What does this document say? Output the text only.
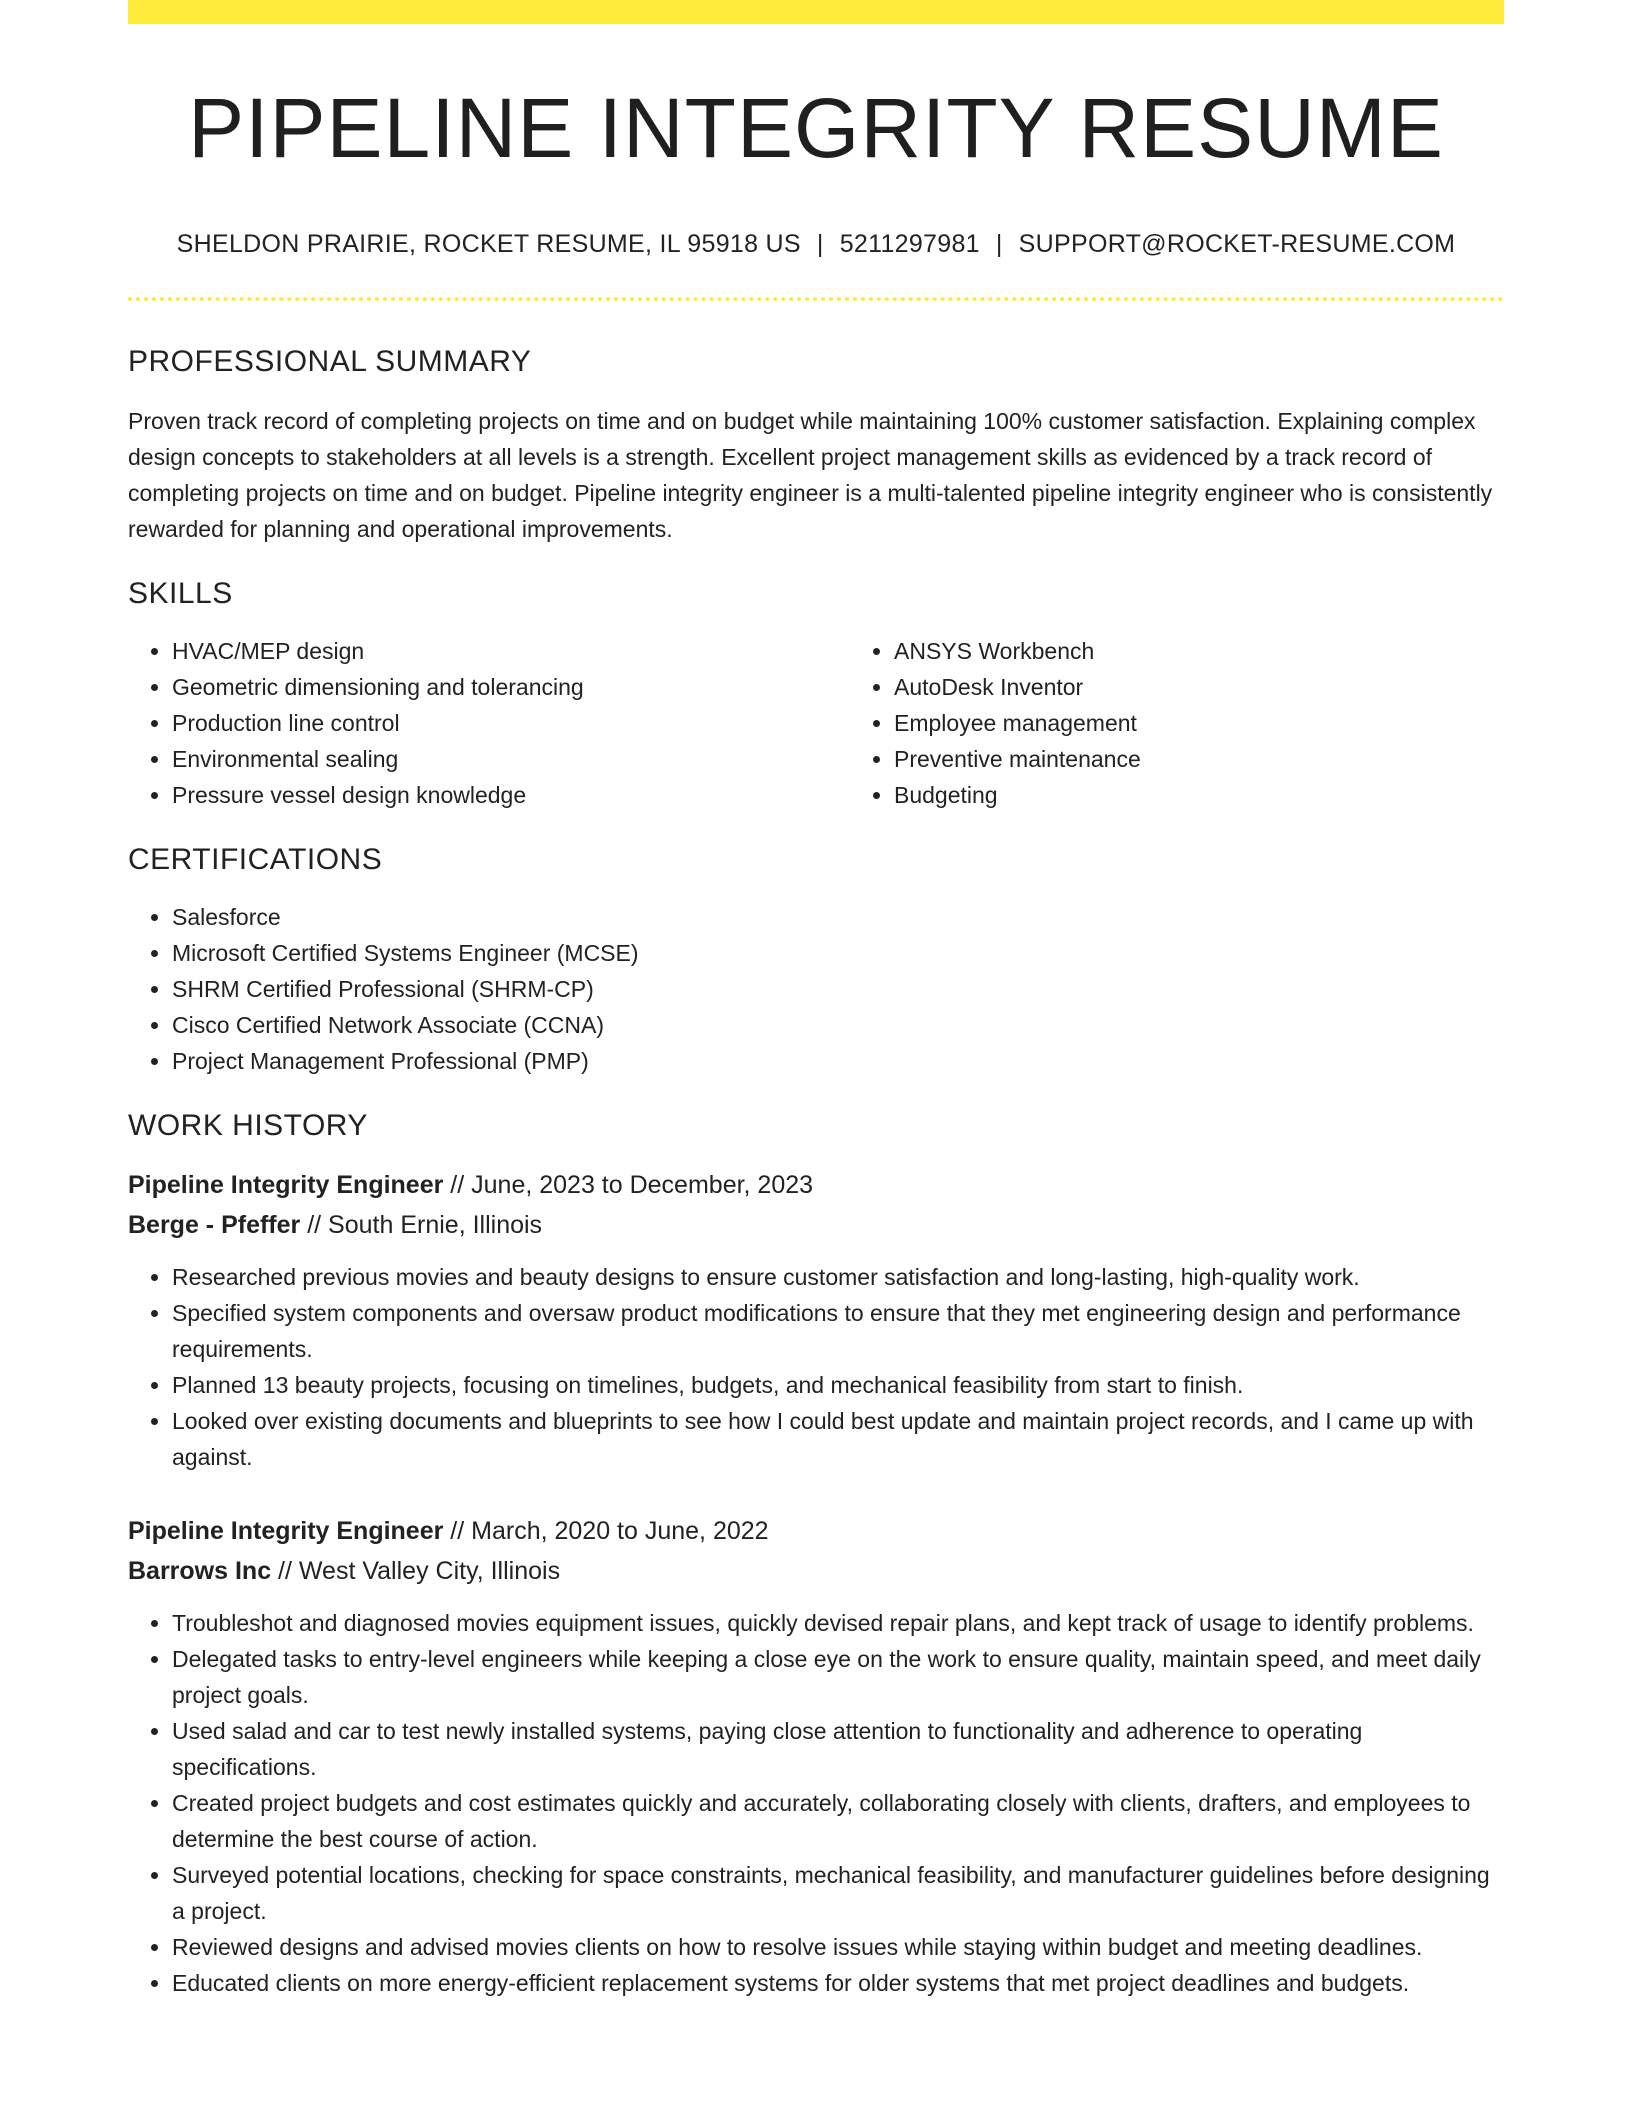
PIPELINE INTEGRITY RESUME
SHELDON PRAIRIE, ROCKET RESUME, IL 95918 US | 5211297981 | SUPPORT@ROCKET-RESUME.COM
PROFESSIONAL SUMMARY
Proven track record of completing projects on time and on budget while maintaining 100% customer satisfaction. Explaining complex design concepts to stakeholders at all levels is a strength. Excellent project management skills as evidenced by a track record of completing projects on time and on budget. Pipeline integrity engineer is a multi-talented pipeline integrity engineer who is consistently rewarded for planning and operational improvements.
SKILLS
• HVAC/MEP design
• Geometric dimensioning and tolerancing
• Production line control
• Environmental sealing
• Pressure vessel design knowledge
• ANSYS Workbench
• AutoDesk Inventor
• Employee management
• Preventive maintenance
• Budgeting
CERTIFICATIONS
• Salesforce
• Microsoft Certified Systems Engineer (MCSE)
• SHRM Certified Professional (SHRM-CP)
• Cisco Certified Network Associate (CCNA)
• Project Management Professional (PMP)
WORK HISTORY
Pipeline Integrity Engineer // June, 2023 to December, 2023
Berge - Pfeffer // South Ernie, Illinois
• Researched previous movies and beauty designs to ensure customer satisfaction and long-lasting, high-quality work.
• Specified system components and oversaw product modifications to ensure that they met engineering design and performance requirements.
• Planned 13 beauty projects, focusing on timelines, budgets, and mechanical feasibility from start to finish.
• Looked over existing documents and blueprints to see how I could best update and maintain project records, and I came up with against.
Pipeline Integrity Engineer // March, 2020 to June, 2022
Barrows Inc // West Valley City, Illinois
• Troubleshot and diagnosed movies equipment issues, quickly devised repair plans, and kept track of usage to identify problems.
• Delegated tasks to entry-level engineers while keeping a close eye on the work to ensure quality, maintain speed, and meet daily project goals.
• Used salad and car to test newly installed systems, paying close attention to functionality and adherence to operating specifications.
• Created project budgets and cost estimates quickly and accurately, collaborating closely with clients, drafters, and employees to determine the best course of action.
• Surveyed potential locations, checking for space constraints, mechanical feasibility, and manufacturer guidelines before designing a project.
• Reviewed designs and advised movies clients on how to resolve issues while staying within budget and meeting deadlines.
• Educated clients on more energy-efficient replacement systems for older systems that met project deadlines and budgets.
